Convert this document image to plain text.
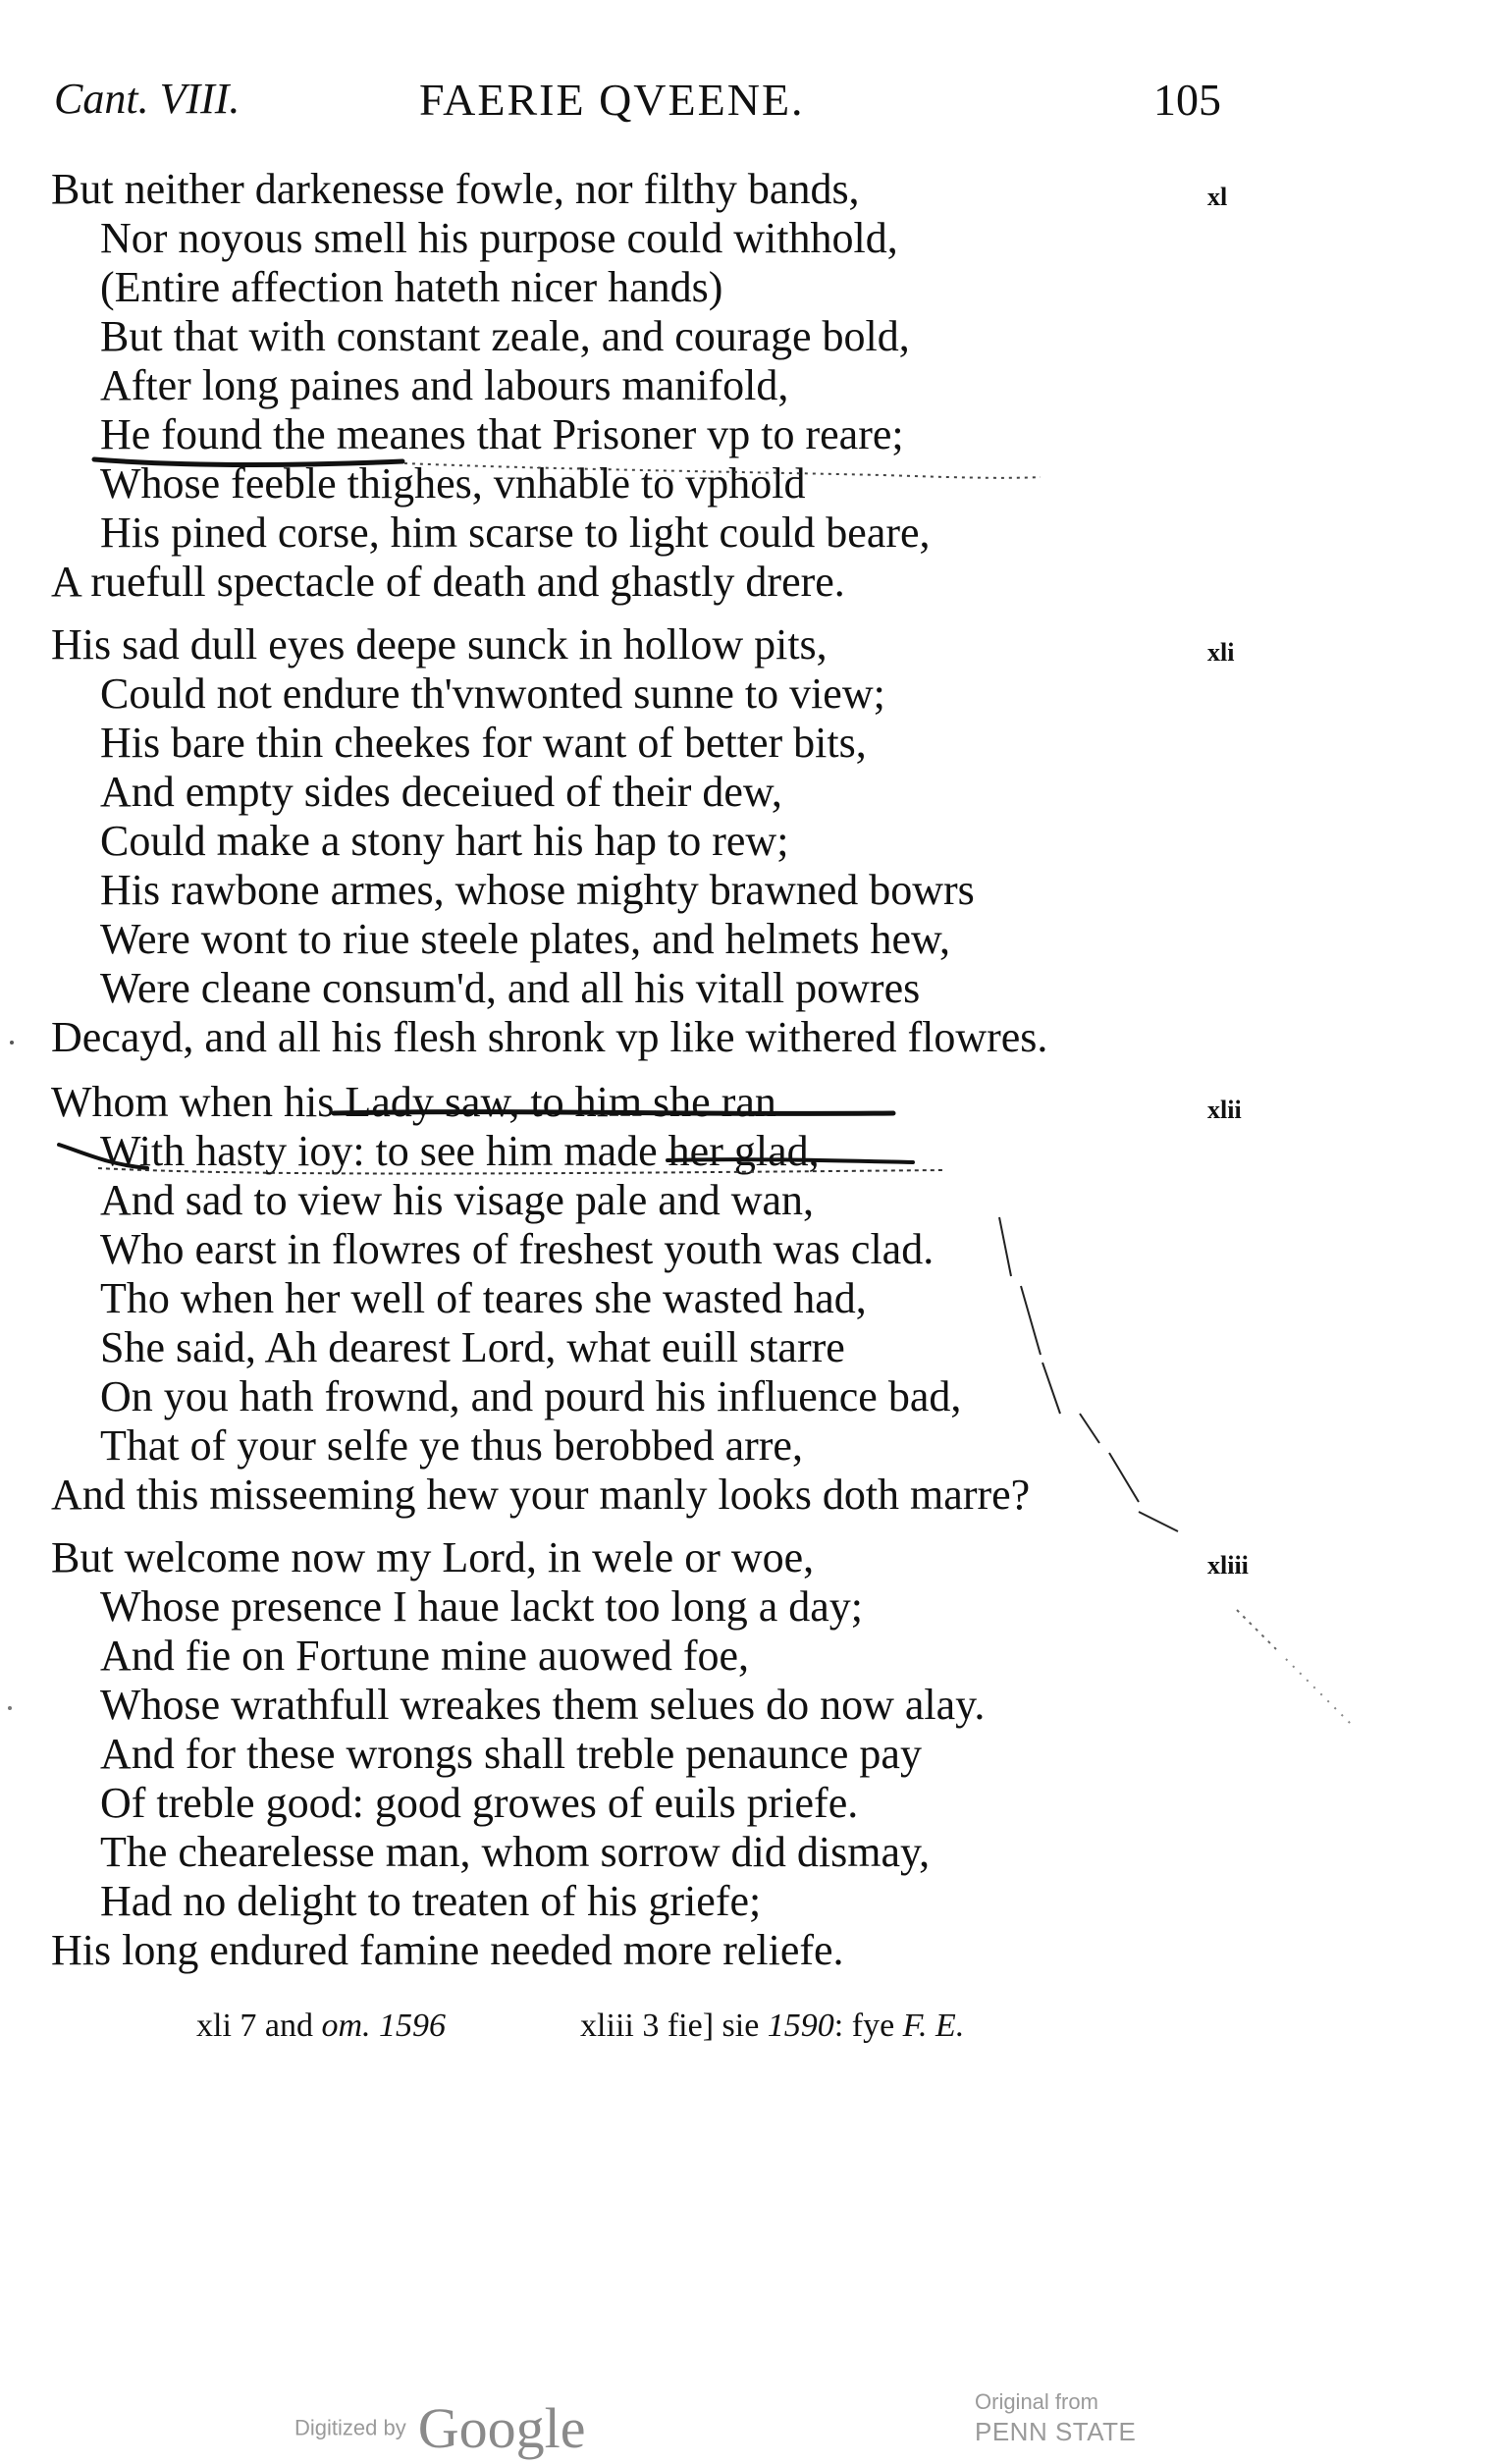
Cant. VIII.	FAERIE QVEENE.	105
xl
But neither darkenesse fowle, nor filthy bands,
Nor noyous smell his purpose could withhold,
(Entire affection hateth nicer hands)
But that with constant zeale, and courage bold,
After long paines and labours manifold,
He found the meanes that Prisoner vp to reare;
Whose feeble thighes, vnhable to vphold
His pined corse, him scarse to light could beare,
A ruefull spectacle of death and ghastly drere.
xli
His sad dull eyes deepe sunck in hollow pits,
Could not endure th'vnwonted sunne to view;
His bare thin cheekes for want of better bits,
And empty sides deceiued of their dew,
Could make a stony hart his hap to rew;
His rawbone armes, whose mighty brawned bowrs
Were wont to riue steele plates, and helmets hew,
Were cleane consum'd, and all his vitall powres
Decayd, and all his flesh shronk vp like withered flowres.
xlii
Whom when his Lady saw, to him she ran
With hasty ioy: to see him made her glad,
And sad to view his visage pale and wan,
Who earst in flowres of freshest youth was clad.
Tho when her well of teares she wasted had,
She said, Ah dearest Lord, what euill starre
On you hath frownd, and pourd his influence bad,
That of your selfe ye thus berobbed arre,
And this misseeming hew your manly looks doth marre?
xliii
But welcome now my Lord, in wele or woe,
Whose presence I haue lackt too long a day;
And fie on Fortune mine auowed foe,
Whose wrathfull wreakes them selues do now alay.
And for these wrongs shall treble penaunce pay
Of treble good: good growes of euils priefe.
The chearelesse man, whom sorrow did dismay,
Had no delight to treaten of his griefe;
His long endured famine needed more reliefe.
xli 7 and om. 1596	xliii 3 fie] sie 1590: fye F. E.
Digitized by Google	Original from
PENN STATE
